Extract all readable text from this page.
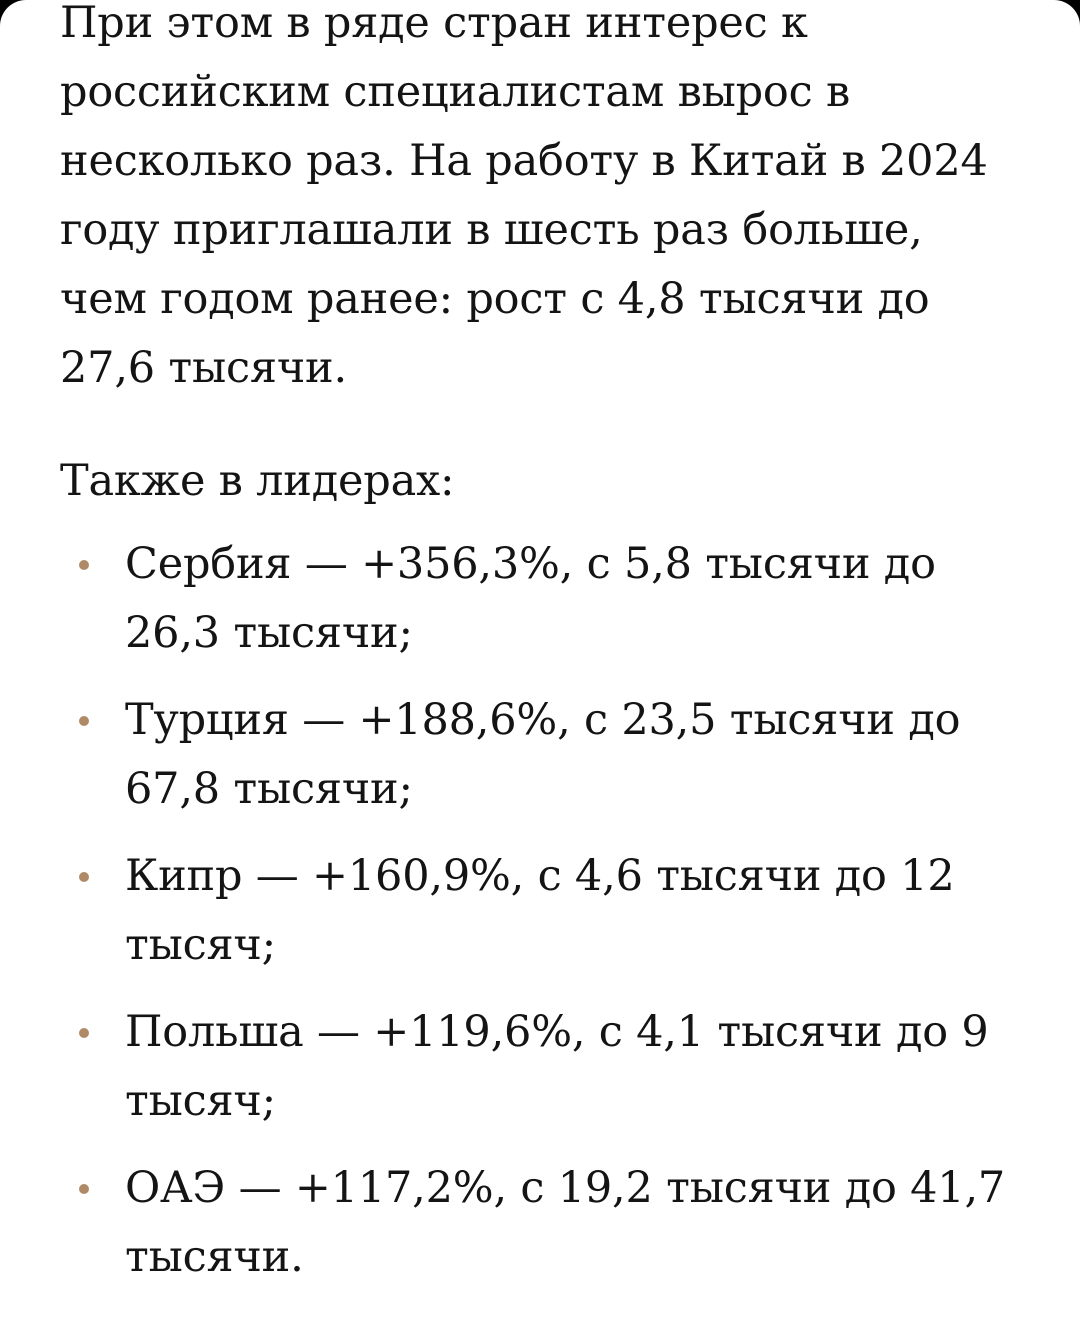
При этом в ряде стран интерес к российским специалистам вырос в несколько раз. На работу в Китай в 2024 году приглашали в шесть раз больше, чем годом ранее: рост с 4,8 тысячи до 27,6 тысячи.

Также в лидерах:

Сербия — +356,3%, с 5,8 тысячи до 26,3 тысячи;
Турция — +188,6%, с 23,5 тысячи до 67,8 тысячи;
Кипр — +160,9%, с 4,6 тысячи до 12 тысяч;
Польша — +119,6%, с 4,1 тысячи до 9 тысяч;
ОАЭ — +117,2%, с 19,2 тысячи до 41,7 тысячи.
